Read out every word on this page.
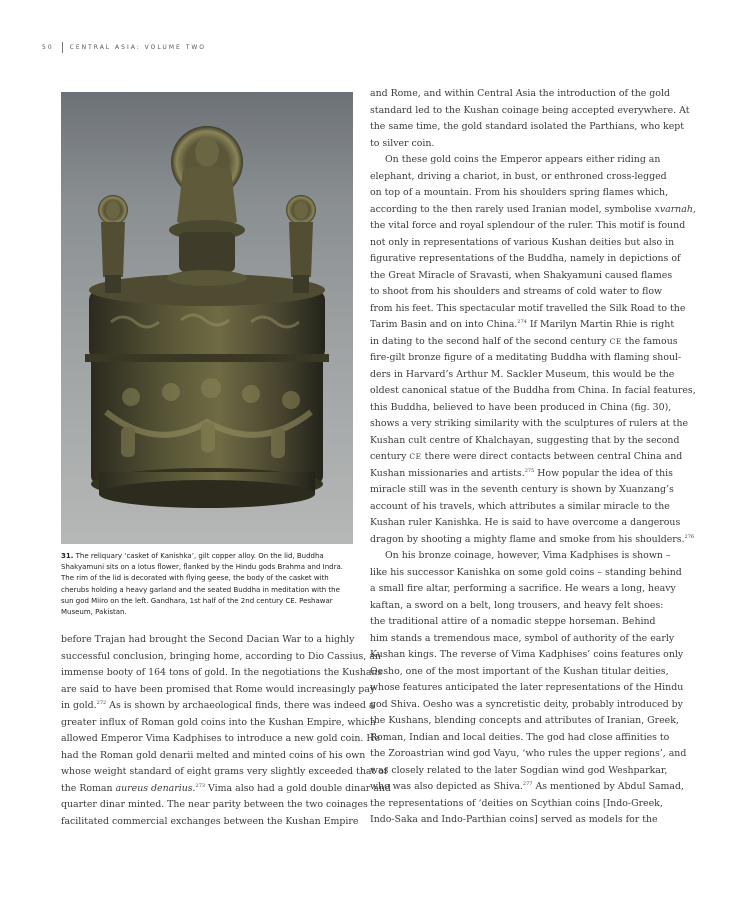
50	CENTRAL ASIA: VOLUME TWO
31. The reliquary ‘casket of Kanishka’, gilt copper alloy. On the lid, Buddha Shakyamuni sits on a lotus flower, flanked by the Hindu gods Brahma and Indra. The rim of the lid is decorated with flying geese, the body of the casket with cherubs holding a heavy garland and the seated Buddha in meditation with the sun god Miiro on the left. Gandhara, 1st half of the 2nd century CE. Peshawar Museum, Pakistan.
before Trajan had brought the Second Dacian War to a highly
successful conclusion, bringing home, according to Dio Cassius, an
immense booty of 164 tons of gold. In the negotiations the Kushans
are said to have been promised that Rome would increasingly pay
in gold.$^{272}$ As is shown by archaeological finds, there was indeed a
greater influx of Roman gold coins into the Kushan Empire, which
allowed Emperor Vima Kadphises to introduce a new gold coin. He
had the Roman gold denarii melted and minted coins of his own
whose weight standard of eight grams very slightly exceeded that of
the Roman aureus denarius.$^{273}$ Vima also had a gold double dinar and
quarter dinar minted. The near parity between the two coinages
facilitated commercial exchanges between the Kushan Empire
and Rome, and within Central Asia the introduction of the gold
standard led to the Kushan coinage being accepted everywhere. At
the same time, the gold standard isolated the Parthians, who kept
to silver coin.
On these gold coins the Emperor appears either riding an
elephant, driving a chariot, in bust, or enthroned cross-legged
on top of a mountain. From his shoulders spring flames which,
according to the then rarely used Iranian model, symbolise xvarnah,
the vital force and royal splendour of the ruler. This motif is found
not only in representations of various Kushan deities but also in
figurative representations of the Buddha, namely in depictions of
the Great Miracle of Sravasti, when Shakyamuni caused flames
to shoot from his shoulders and streams of cold water to flow
from his feet. This spectacular motif travelled the Silk Road to the
Tarim Basin and on into China.$^{274}$ If Marilyn Martin Rhie is right
in dating to the second half of the second century CE the famous
fire-gilt bronze figure of a meditating Buddha with flaming shoul-
ders in Harvard’s Arthur M. Sackler Museum, this would be the
oldest canonical statue of the Buddha from China. In facial features,
this Buddha, believed to have been produced in China (fig. 30),
shows a very striking similarity with the sculptures of rulers at the
Kushan cult centre of Khalchayan, suggesting that by the second
century CE there were direct contacts between central China and
Kushan missionaries and artists.$^{275}$ How popular the idea of this
miracle still was in the seventh century is shown by Xuanzang’s
account of his travels, which attributes a similar miracle to the
Kushan ruler Kanishka. He is said to have overcome a dangerous
dragon by shooting a mighty flame and smoke from his shoulders.$^{276}$
On his bronze coinage, however, Vima Kadphises is shown –
like his successor Kanishka on some gold coins – standing behind
a small fire altar, performing a sacrifice. He wears a long, heavy
kaftan, a sword on a belt, long trousers, and heavy felt shoes:
the traditional attire of a nomadic steppe horseman. Behind
him stands a tremendous mace, symbol of authority of the early
Kushan kings. The reverse of Vima Kadphises’ coins features only
Oesho, one of the most important of the Kushan titular deities,
whose features anticipated the later representations of the Hindu
god Shiva. Oesho was a syncretistic deity, probably introduced by
the Kushans, blending concepts and attributes of Iranian, Greek,
Roman, Indian and local deities. The god had close affinities to
the Zoroastrian wind god Vayu, ‘who rules the upper regions’, and
was closely related to the later Sogdian wind god Weshparkar,
who was also depicted as Shiva.$^{277}$ As mentioned by Abdul Samad,
the representations of ‘deities on Scythian coins [Indo-Greek,
Indo-Saka and Indo-Parthian coins] served as models for the
